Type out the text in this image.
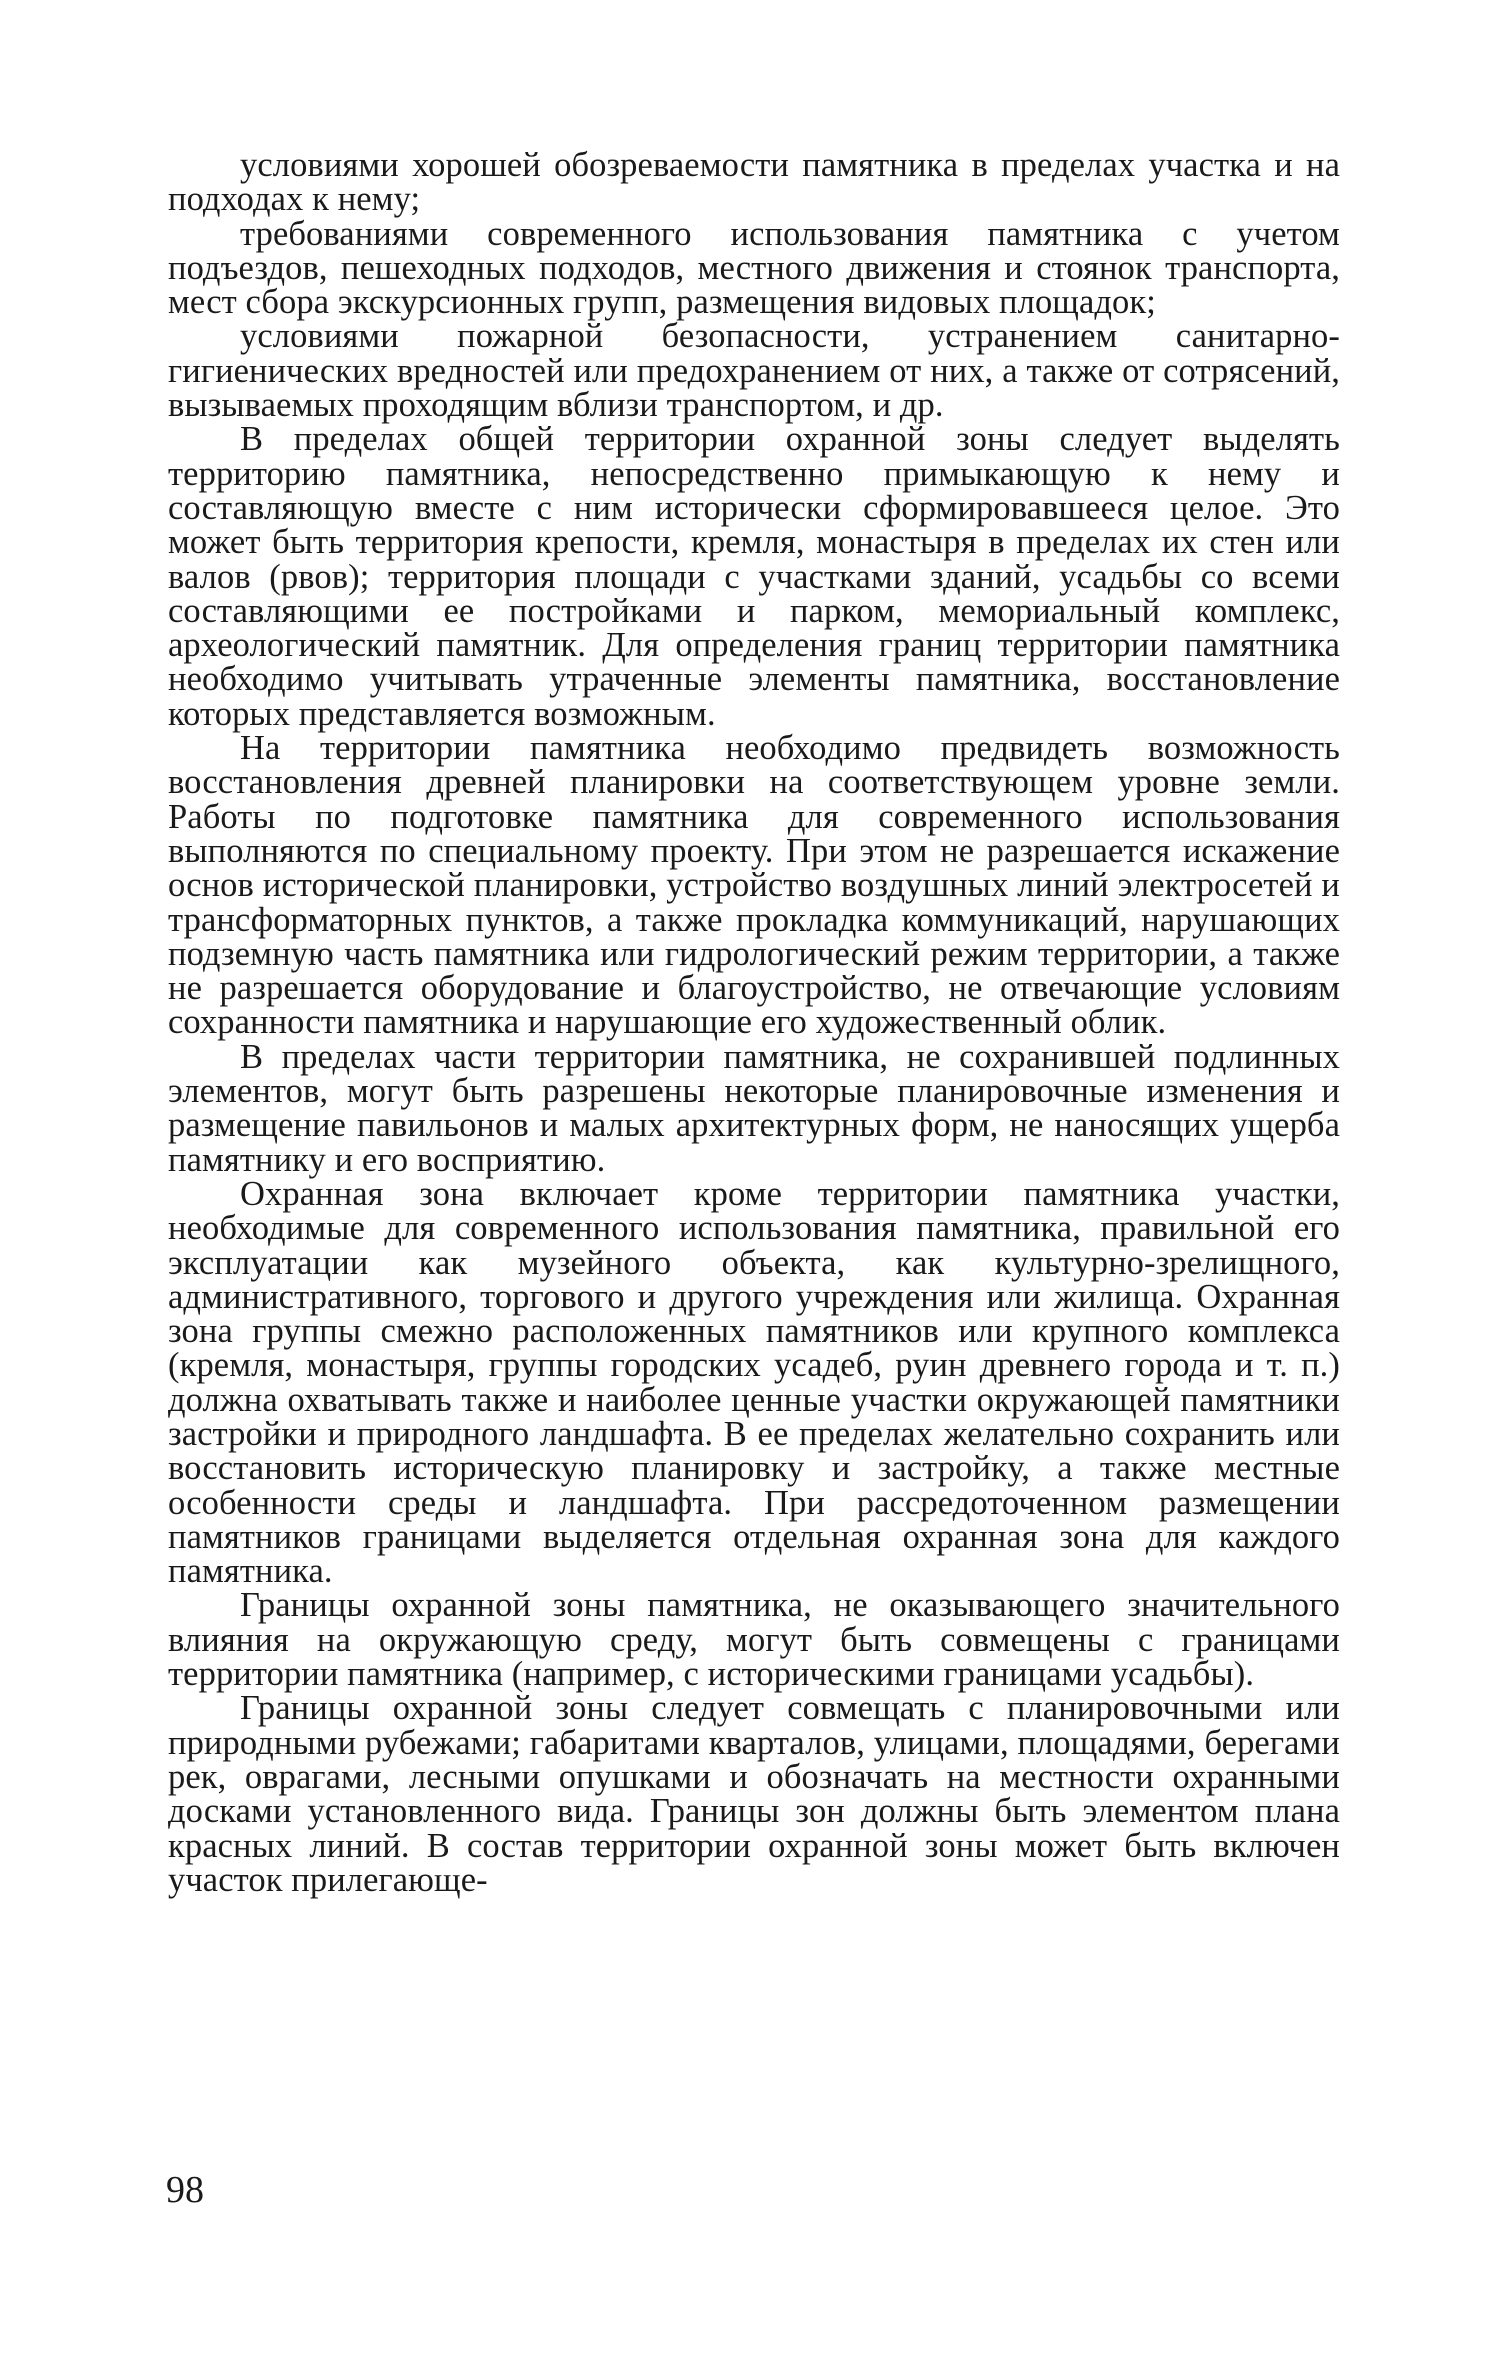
условиями хорошей обозреваемости памятника в пределах участка и на подходах к нему;

требованиями современного использования памятника с учетом подъездов, пешеходных подходов, местного движения и стоянок транспорта, мест сбора экскурсионных групп, размещения видовых площадок;

условиями пожарной безопасности, устранением санитарно-гигиенических вредностей или предохранением от них, а также от сотрясений, вызываемых проходящим вблизи транспортом, и др.

В пределах общей территории охранной зоны следует выделять территорию памятника, непосредственно примыкающую к нему и составляющую вместе с ним исторически сформировавшееся целое. Это может быть территория крепости, кремля, монастыря в пределах их стен или валов (рвов); территория площади с участками зданий, усадьбы со всеми составляющими ее постройками и парком, мемориальный комплекс, археологический памятник. Для определения границ территории памятника необходимо учитывать утраченные элементы памятника, восстановление которых представляется возможным.

На территории памятника необходимо предвидеть возможность восстановления древней планировки на соответствующем уровне земли. Работы по подготовке памятника для современного использования выполняются по специальному проекту. При этом не разрешается искажение основ исторической планировки, устройство воздушных линий электросетей и трансформаторных пунктов, а также прокладка коммуникаций, нарушающих подземную часть памятника или гидрологический режим территории, а также не разрешается оборудование и благоустройство, не отвечающие условиям сохранности памятника и нарушающие его художественный облик.

В пределах части территории памятника, не сохранившей подлинных элементов, могут быть разрешены некоторые планировочные изменения и размещение павильонов и малых архитектурных форм, не наносящих ущерба памятнику и его восприятию.

Охранная зона включает кроме территории памятника участки, необходимые для современного использования памятника, правильной его эксплуатации как музейного объекта, как культурно-зрелищного, административного, торгового и другого учреждения или жилища. Охранная зона группы смежно расположенных памятников или крупного комплекса (кремля, монастыря, группы городских усадеб, руин древнего города и т. п.) должна охватывать также и наиболее ценные участки окружающей памятники застройки и природного ландшафта. В ее пределах желательно сохранить или восстановить историческую планировку и застройку, а также местные особенности среды и ландшафта. При рассредоточенном размещении памятников границами выделяется отдельная охранная зона для каждого памятника.

Границы охранной зоны памятника, не оказывающего значительного влияния на окружающую среду, могут быть совмещены с границами территории памятника (например, с историческими границами усадьбы).

Границы охранной зоны следует совмещать с планировочными или природными рубежами; габаритами кварталов, улицами, площадями, берегами рек, оврагами, лесными опушками и обозначать на местности охранными досками установленного вида. Границы зон должны быть элементом плана красных линий. В состав территории охранной зоны может быть включен участок прилегающе-

98
